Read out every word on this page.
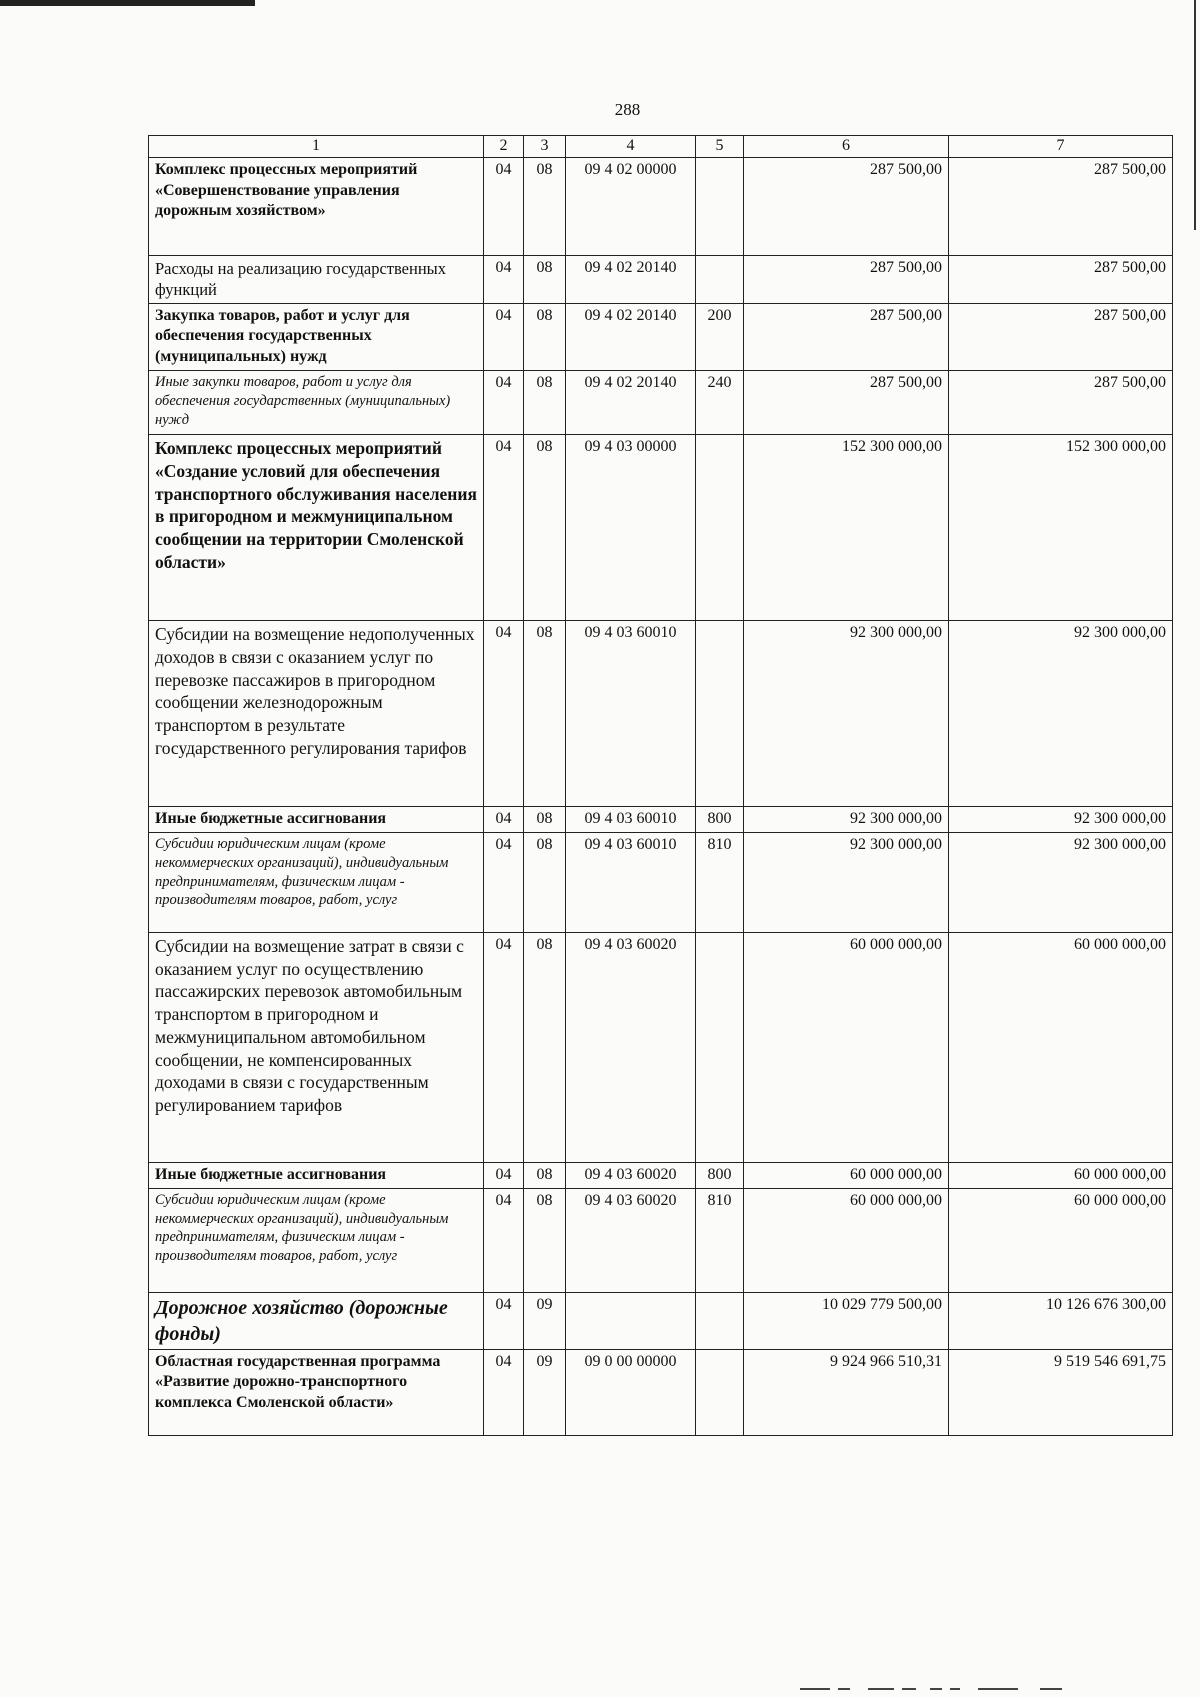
288
1	2	3	4	5	6	7
Комплекс процессных мероприятий «Совершенствование управления дорожным хозяйством»	04	08	09 4 02 00000		287 500,00	287 500,00
Расходы на реализацию государственных функций	04	08	09 4 02 20140		287 500,00	287 500,00
Закупка товаров, работ и услуг для обеспечения государственных (муниципальных) нужд	04	08	09 4 02 20140	200	287 500,00	287 500,00
Иные закупки товаров, работ и услуг для обеспечения государственных (муниципальных) нужд	04	08	09 4 02 20140	240	287 500,00	287 500,00
Комплекс процессных мероприятий «Создание условий для обеспечения транспортного обслуживания населения в пригородном и межмуниципальном сообщении на территории Смоленской области»	04	08	09 4 03 00000		152 300 000,00	152 300 000,00
Субсидии на возмещение недополученных доходов в связи с оказанием услуг по перевозке пассажиров в пригородном сообщении железнодорожным транспортом в результате государственного регулирования тарифов	04	08	09 4 03 60010		92 300 000,00	92 300 000,00
Иные бюджетные ассигнования	04	08	09 4 03 60010	800	92 300 000,00	92 300 000,00
Субсидии юридическим лицам (кроме некоммерческих организаций), индивидуальным предпринимателям, физическим лицам - производителям товаров, работ, услуг	04	08	09 4 03 60010	810	92 300 000,00	92 300 000,00
Субсидии на возмещение затрат в связи с оказанием услуг по осуществлению пассажирских перевозок автомобильным транспортом в пригородном и межмуниципальном автомобильном сообщении, не компенсированных доходами в связи с государственным регулированием тарифов	04	08	09 4 03 60020		60 000 000,00	60 000 000,00
Иные бюджетные ассигнования	04	08	09 4 03 60020	800	60 000 000,00	60 000 000,00
Субсидии юридическим лицам (кроме некоммерческих организаций), индивидуальным предпринимателям, физическим лицам - производителям товаров, работ, услуг	04	08	09 4 03 60020	810	60 000 000,00	60 000 000,00
Дорожное хозяйство (дорожные фонды)	04	09			10 029 779 500,00	10 126 676 300,00
Областная государственная программа «Развитие дорожно-транспортного комплекса Смоленской области»	04	09	09 0 00 00000		9 924 966 510,31	9 519 546 691,75
